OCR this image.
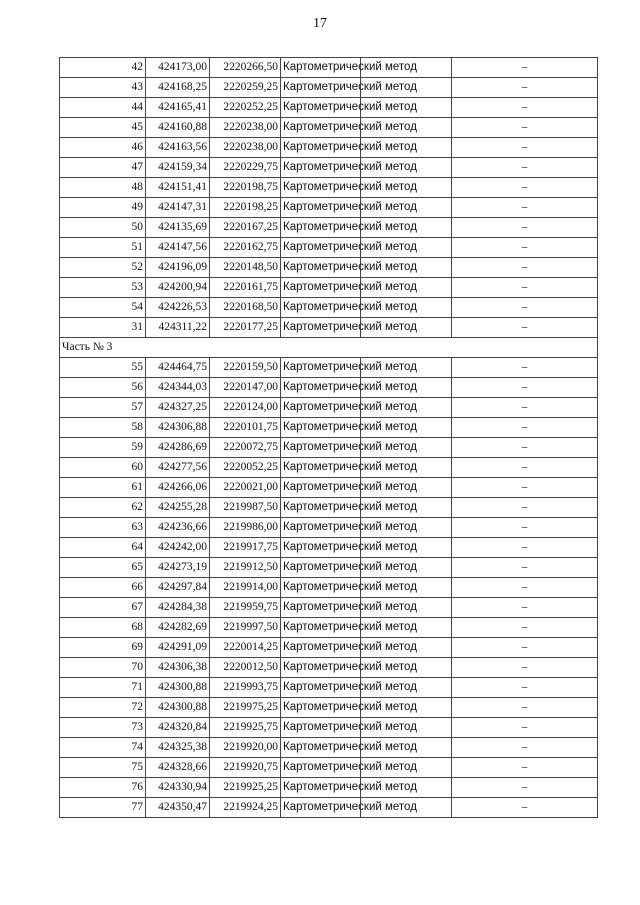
17
42	424173,00	2220266,50	Картометрический метод		–
43	424168,25	2220259,25	Картометрический метод		–
44	424165,41	2220252,25	Картометрический метод		–
45	424160,88	2220238,00	Картометрический метод		–
46	424163,56	2220238,00	Картометрический метод		–
47	424159,34	2220229,75	Картометрический метод		–
48	424151,41	2220198,75	Картометрический метод		–
49	424147,31	2220198,25	Картометрический метод		–
50	424135,69	2220167,25	Картометрический метод		–
51	424147,56	2220162,75	Картометрический метод		–
52	424196,09	2220148,50	Картометрический метод		–
53	424200,94	2220161,75	Картометрический метод		–
54	424226,53	2220168,50	Картометрический метод		–
31	424311,22	2220177,25	Картометрический метод		–
Часть № 3					
55	424464,75	2220159,50	Картометрический метод		–
56	424344,03	2220147,00	Картометрический метод		–
57	424327,25	2220124,00	Картометрический метод		–
58	424306,88	2220101,75	Картометрический метод		–
59	424286,69	2220072,75	Картометрический метод		–
60	424277,56	2220052,25	Картометрический метод		–
61	424266,06	2220021,00	Картометрический метод		–
62	424255,28	2219987,50	Картометрический метод		–
63	424236,66	2219986,00	Картометрический метод		–
64	424242,00	2219917,75	Картометрический метод		–
65	424273,19	2219912,50	Картометрический метод		–
66	424297,84	2219914,00	Картометрический метод		–
67	424284,38	2219959,75	Картометрический метод		–
68	424282,69	2219997,50	Картометрический метод		–
69	424291,09	2220014,25	Картометрический метод		–
70	424306,38	2220012,50	Картометрический метод		–
71	424300,88	2219993,75	Картометрический метод		–
72	424300,88	2219975,25	Картометрический метод		–
73	424320,84	2219925,75	Картометрический метод		–
74	424325,38	2219920,00	Картометрический метод		–
75	424328,66	2219920,75	Картометрический метод		–
76	424330,94	2219925,25	Картометрический метод		–
77	424350,47	2219924,25	Картометрический метод		–
